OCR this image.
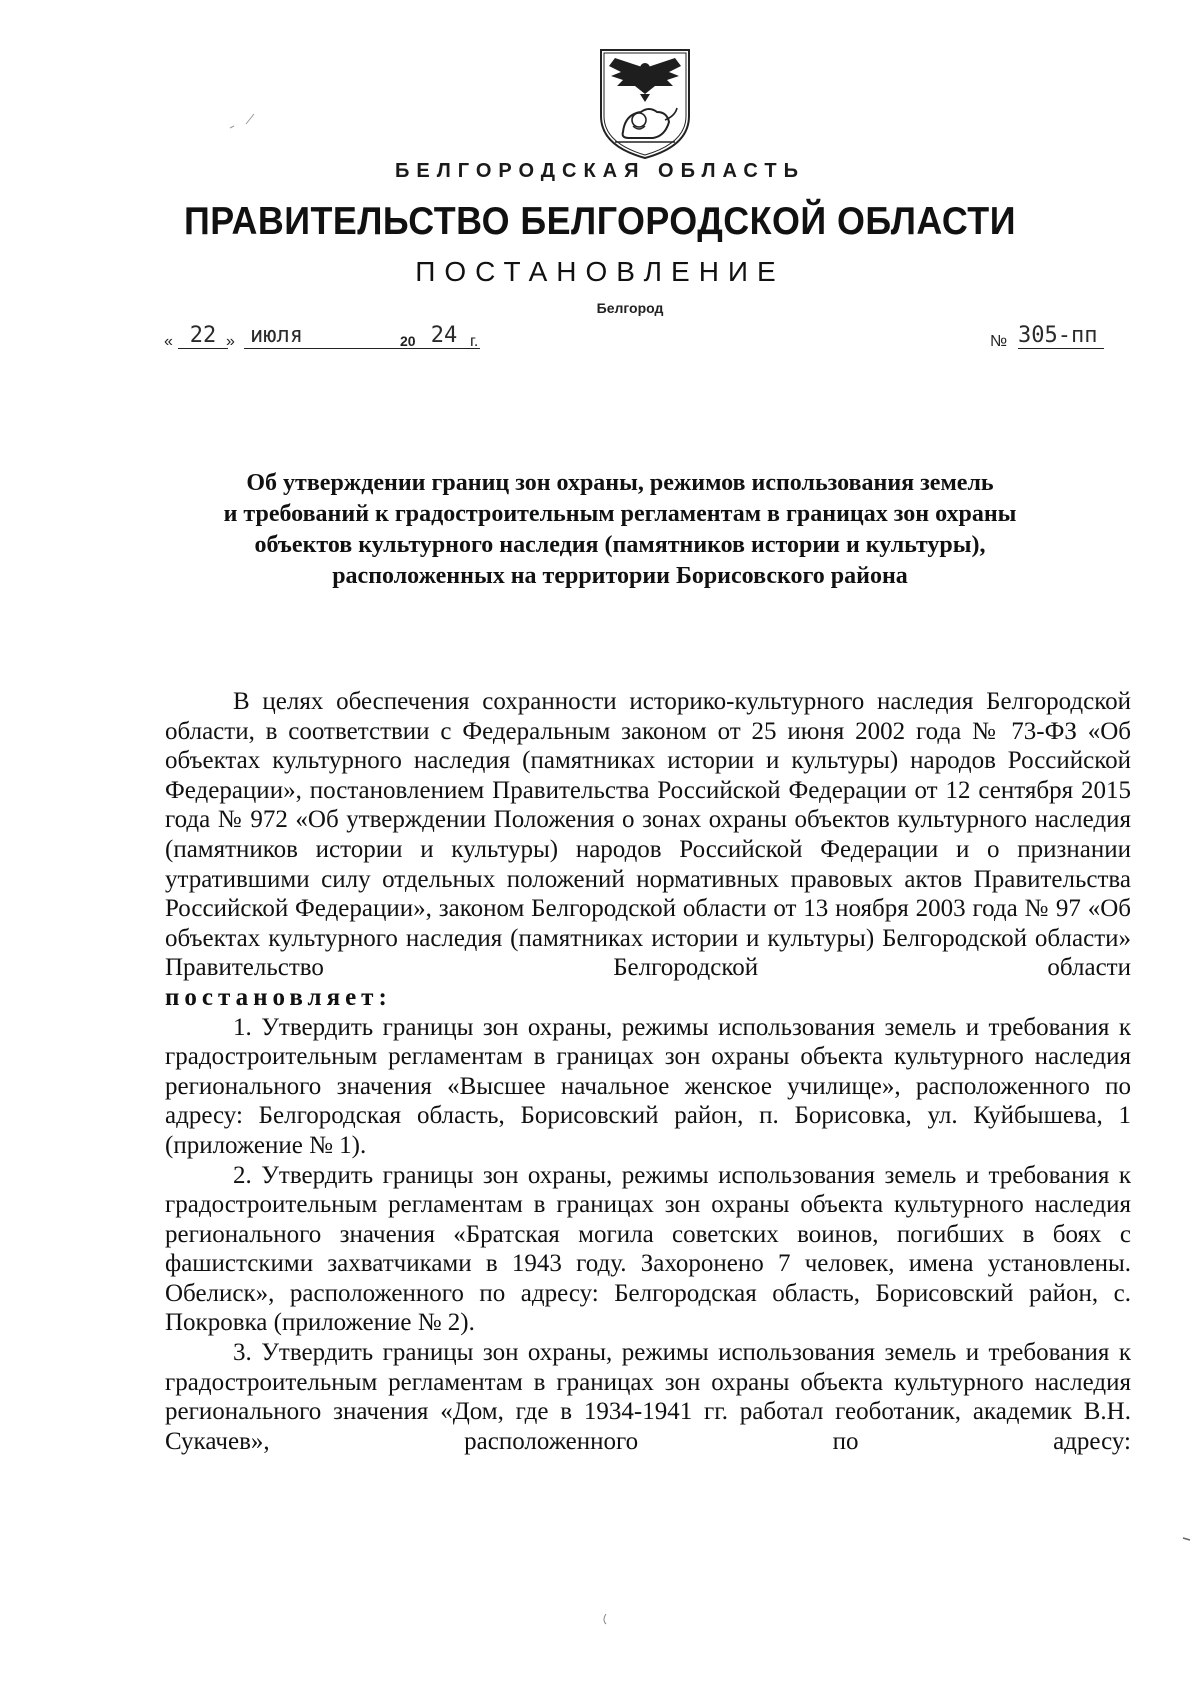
БЕЛГОРОДСКАЯ ОБЛАСТЬ
ПРАВИТЕЛЬСТВО БЕЛГОРОДСКОЙ ОБЛАСТИ
ПОСТАНОВЛЕНИЕ
Белгород
« 22 » июля	20 24 г.	№ 305-пп
Об утверждении границ зон охраны, режимов использования земель
и требований к градостроительным регламентам в границах зон охраны
объектов культурного наследия (памятников истории и культуры),
расположенных на территории Борисовского района

В целях обеспечения сохранности историко-культурного наследия Белгородской области, в соответствии с Федеральным законом от 25 июня 2002 года № 73-ФЗ «Об объектах культурного наследия (памятниках истории и культуры) народов Российской Федерации», постановлением Правительства Российской Федерации от 12 сентября 2015 года № 972 «Об утверждении Положения о зонах охраны объектов культурного наследия (памятников истории и культуры) народов Российской Федерации и о признании утратившими силу отдельных положений нормативных правовых актов Правительства Российской Федерации», законом Белгородской области от 13 ноября 2003 года № 97 «Об объектах культурного наследия (памятниках истории и культуры) Белгородской области» Правительство Белгородской области

постановляет:

1. Утвердить границы зон охраны, режимы использования земель и требования к градостроительным регламентам в границах зон охраны объекта культурного наследия регионального значения «Высшее начальное женское училище», расположенного по адресу: Белгородская область, Борисовский район, п. Борисовка, ул. Куйбышева, 1 (приложение № 1).

2. Утвердить границы зон охраны, режимы использования земель и требования к градостроительным регламентам в границах зон охраны объекта культурного наследия регионального значения «Братская могила советских воинов, погибших в боях с фашистскими захватчиками в 1943 году. Захоронено 7 человек, имена установлены. Обелиск», расположенного по адресу: Белгородская область, Борисовский район, с. Покровка (приложение № 2).

3. Утвердить границы зон охраны, режимы использования земель и требования к градостроительным регламентам в границах зон охраны объекта культурного наследия регионального значения «Дом, где в 1934-1941 гг. работал геоботаник, академик В.Н. Сукачев», расположенного по адресу:
